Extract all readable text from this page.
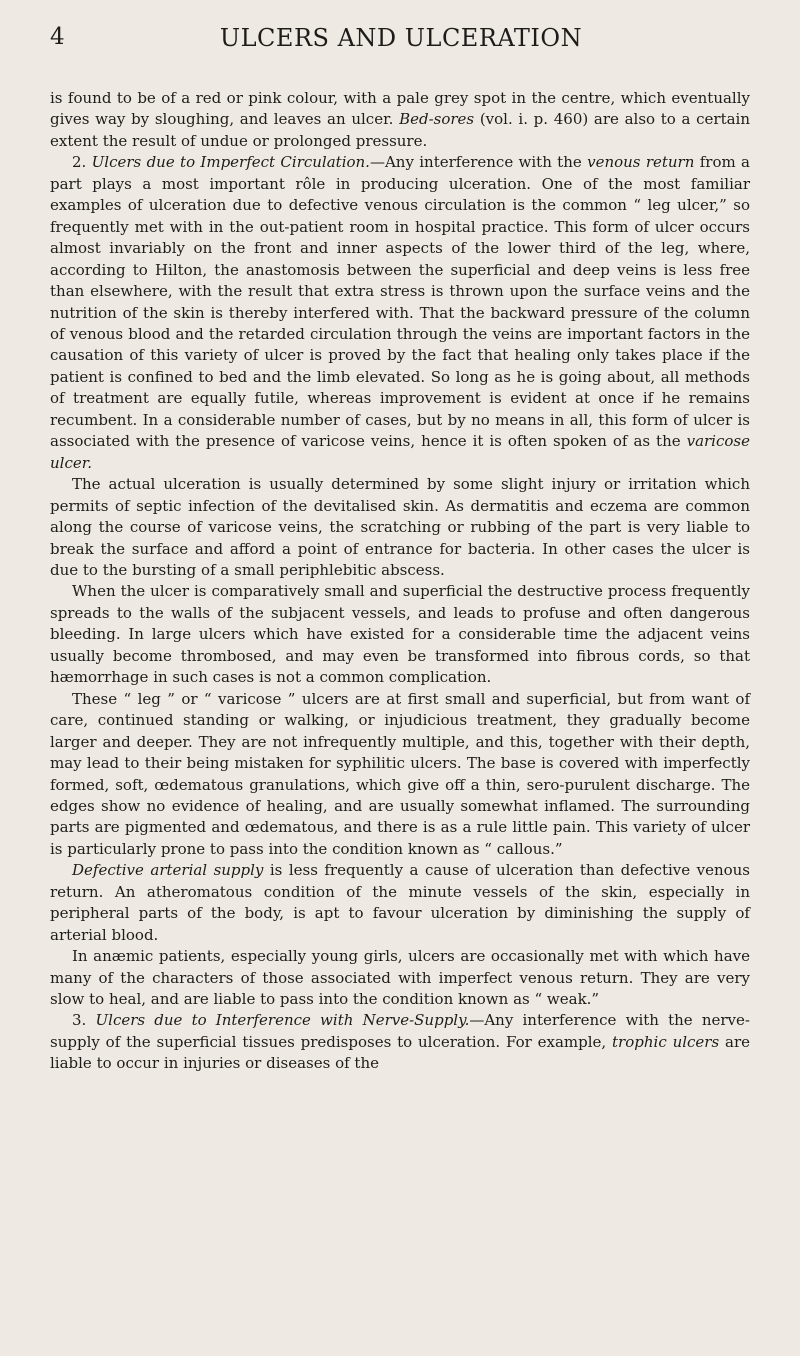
4	ULCERS AND ULCERATION

is found to be of a red or pink colour, with a pale grey spot in the centre, which eventually gives way by sloughing, and leaves an ulcer. Bed-sores (vol. i. p. 460) are also to a certain extent the result of undue or prolonged pressure.

2. Ulcers due to Imperfect Circulation.—Any interference with the venous return from a part plays a most important rôle in producing ulceration. One of the most familiar examples of ulceration due to defective venous circulation is the common “ leg ulcer,” so frequently met with in the out-patient room in hospital practice. This form of ulcer occurs almost invariably on the front and inner aspects of the lower third of the leg, where, according to Hilton, the anastomosis between the superficial and deep veins is less free than elsewhere, with the result that extra stress is thrown upon the surface veins and the nutrition of the skin is thereby interfered with. That the backward pressure of the column of venous blood and the retarded circulation through the veins are important factors in the causation of this variety of ulcer is proved by the fact that healing only takes place if the patient is confined to bed and the limb elevated. So long as he is going about, all methods of treatment are equally futile, whereas improvement is evident at once if he remains recumbent. In a considerable number of cases, but by no means in all, this form of ulcer is associated with the presence of varicose veins, hence it is often spoken of as the varicose ulcer.

The actual ulceration is usually determined by some slight injury or irritation which permits of septic infection of the devitalised skin. As dermatitis and eczema are common along the course of varicose veins, the scratching or rubbing of the part is very liable to break the surface and afford a point of entrance for bacteria. In other cases the ulcer is due to the bursting of a small periphlebitic abscess.

When the ulcer is comparatively small and superficial the destructive process frequently spreads to the walls of the subjacent vessels, and leads to profuse and often dangerous bleeding. In large ulcers which have existed for a considerable time the adjacent veins usually become thrombosed, and may even be transformed into fibrous cords, so that hæmorrhage in such cases is not a common complication.

These “ leg ” or “ varicose ” ulcers are at first small and superficial, but from want of care, continued standing or walking, or injudicious treatment, they gradually become larger and deeper. They are not infrequently multiple, and this, together with their depth, may lead to their being mistaken for syphilitic ulcers. The base is covered with imperfectly formed, soft, œdematous granulations, which give off a thin, sero-purulent discharge. The edges show no evidence of healing, and are usually somewhat inflamed. The surrounding parts are pigmented and œdematous, and there is as a rule little pain. This variety of ulcer is particularly prone to pass into the condition known as “ callous.”

Defective arterial supply is less frequently a cause of ulceration than defective venous return. An atheromatous condition of the minute vessels of the skin, especially in peripheral parts of the body, is apt to favour ulceration by diminishing the supply of arterial blood.

In anæmic patients, especially young girls, ulcers are occasionally met with which have many of the characters of those associated with imperfect venous return. They are very slow to heal, and are liable to pass into the condition known as “ weak.”

3. Ulcers due to Interference with Nerve-Supply.—Any interference with the nerve-supply of the superficial tissues predisposes to ulceration. For example, trophic ulcers are liable to occur in injuries or diseases of the
